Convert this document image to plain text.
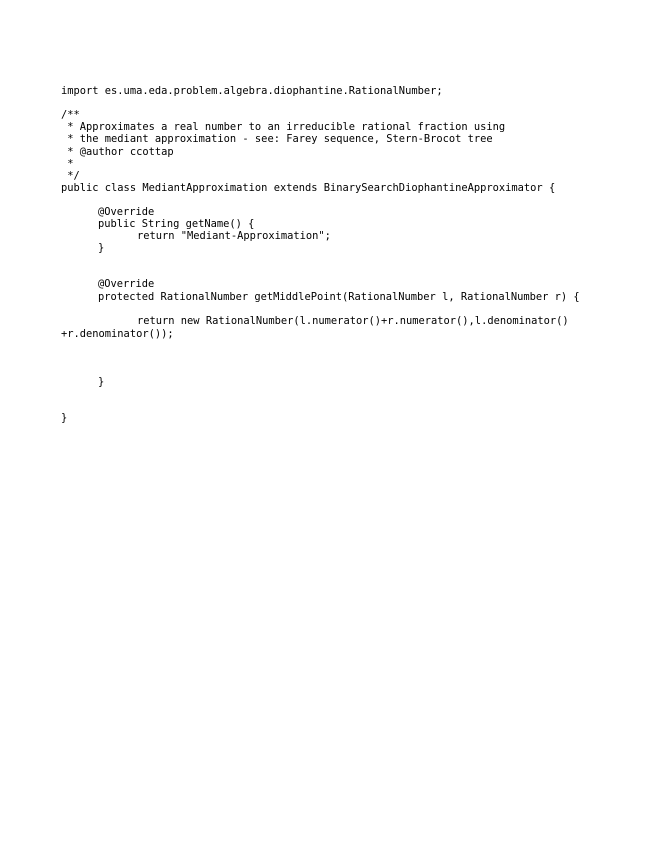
import es.uma.eda.problem.algebra.diophantine.RationalNumber;
/**
* Approximates a real number to an irreducible rational fraction using
* the mediant approximation - see: Farey sequence, Stern-Brocot tree
* @author ccottap
*
*/
public class MediantApproximation extends BinarySearchDiophantineApproximator {
@Override
public String getName() {
return "Mediant-Approximation";
}
@Override
protected RationalNumber getMiddlePoint(RationalNumber l, RationalNumber r) {
return new RationalNumber(l.numerator()+r.numerator(),l.denominator()
+r.denominator());
}
}
